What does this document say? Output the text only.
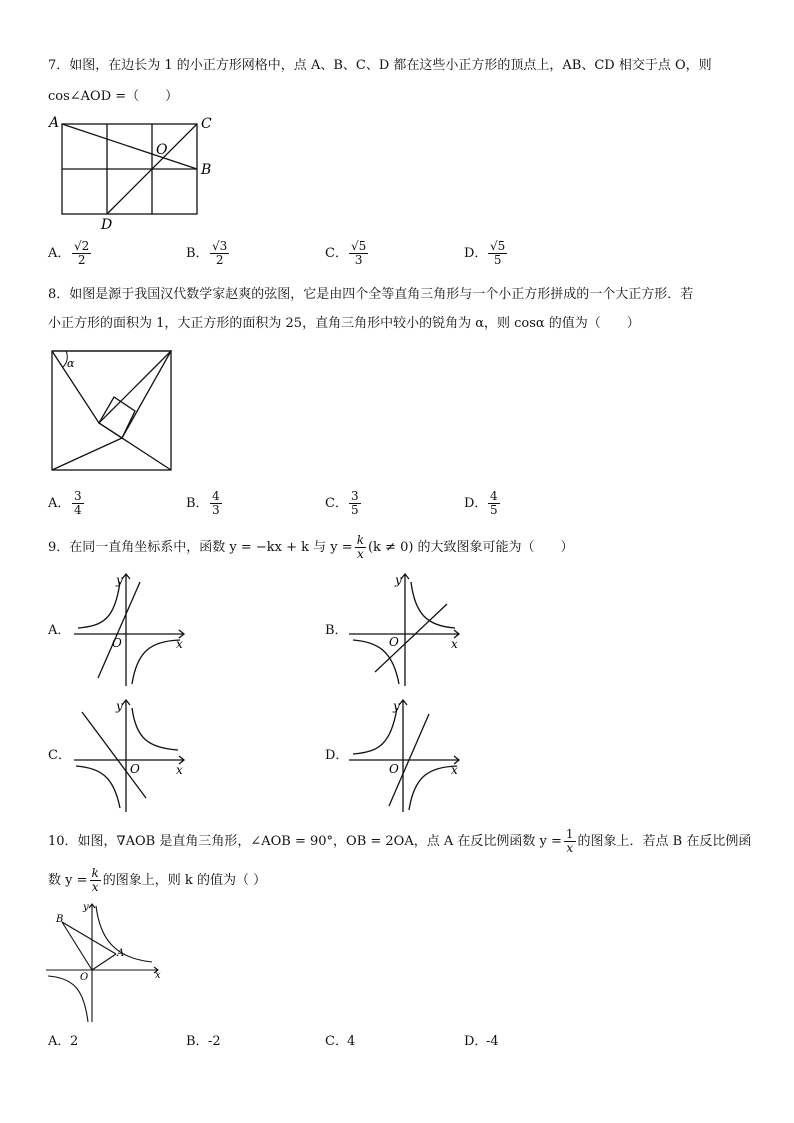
7．如图，在边长为 1 的小正方形网格中，点 A、B、C、D 都在这些小正方形的顶点上，AB、CD 相交于点 O，则
cos∠AOD =（　　）
A	C
B
D
O
A． $\frac{√2}{2}$	B． $\frac{√3}{2}$	C． $\frac{√5}{3}$	D． $\frac{√5}{5}$
8．如图是源于我国汉代数学家赵爽的弦图，它是由四个全等直角三角形与一个小正方形拼成的一个大正方形．若
小正方形的面积为 1，大正方形的面积为 25，直角三角形中较小的锐角为 α，则 cosα 的值为（　　）
α
A． $\frac{3}{4}$	B． $\frac{4}{3}$	C． $\frac{3}{5}$	D． $\frac{4}{5}$
9．在同一直角坐标系中，函数 y = −kx + k 与 $y = \frac{k}{x} (k \ne 0)$ 的大致图象可能为（　　）
A．
y
x
O
B．
y
x
O
C．
y
x
O
D．
y
x
O
10．如图，∇AOB 是直角三角形，∠AOB = 90°，OB = 2OA，点 A 在反比例函数 $y = \frac{1}{x}$ 的图象上．若点 B 在反比例函
数 $y = \frac{k}{x}$ 的图象上，则 k 的值为（ ）
B
A
O	x
y
A．2	B．-2	C．4	D．-4
